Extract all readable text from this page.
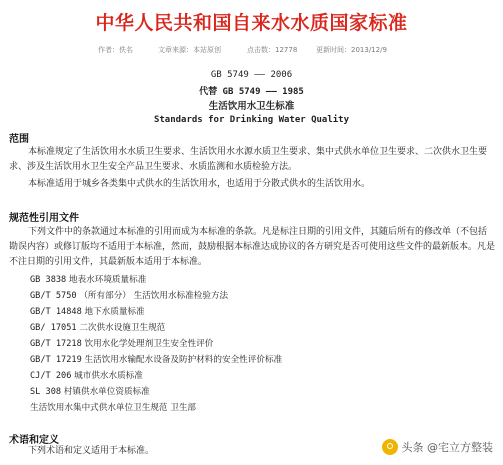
中华人民共和国自来水水质国家标准
作者：佚名	文章来源：本站原创	点击数：12778	更新时间：2013/12/9
GB 5749 —— 2006
代替 GB 5749 —— 1985
生活饮用水卫生标准
Standards for Drinking Water Quality
范围
本标准规定了生活饮用水水质卫生要求、生活饮用水水源水质卫生要求、集中式供水单位卫生要求、二次供水卫生要求、涉及生活饮用水卫生安全产品卫生要求、水质监测和水质检验方法。
本标准适用于城乡各类集中式供水的生活饮用水，也适用于分散式供水的生活饮用水。
规范性引用文件
下列文件中的条款通过本标准的引用而成为本标准的条款。凡是标注日期的引用文件，其随后所有的修改单（不包括勘误内容）或修订版均不适用于本标准，然而，鼓励根据本标准达成协议的各方研究是否可使用这些文件的最新版本。凡是不注日期的引用文件，其最新版本适用于本标准。
GB 3838 地表水环境质量标准
GB/T 5750 （所有部分） 生活饮用水标准检验方法
GB/T 14848 地下水质量标准
GB/ 17051 二次供水设施卫生规范
GB/T 17218 饮用水化学处理剂卫生安全性评价
GB/T 17219 生活饮用水输配水设备及防护材料的安全性评价标准
CJ/T 206 城市供水水质标准
SL 308 村镇供水单位资质标准
生活饮用水集中式供水单位卫生规范 卫生部
术语和定义
下列术语和定义适用于本标准。	头条 @宅立方整装
